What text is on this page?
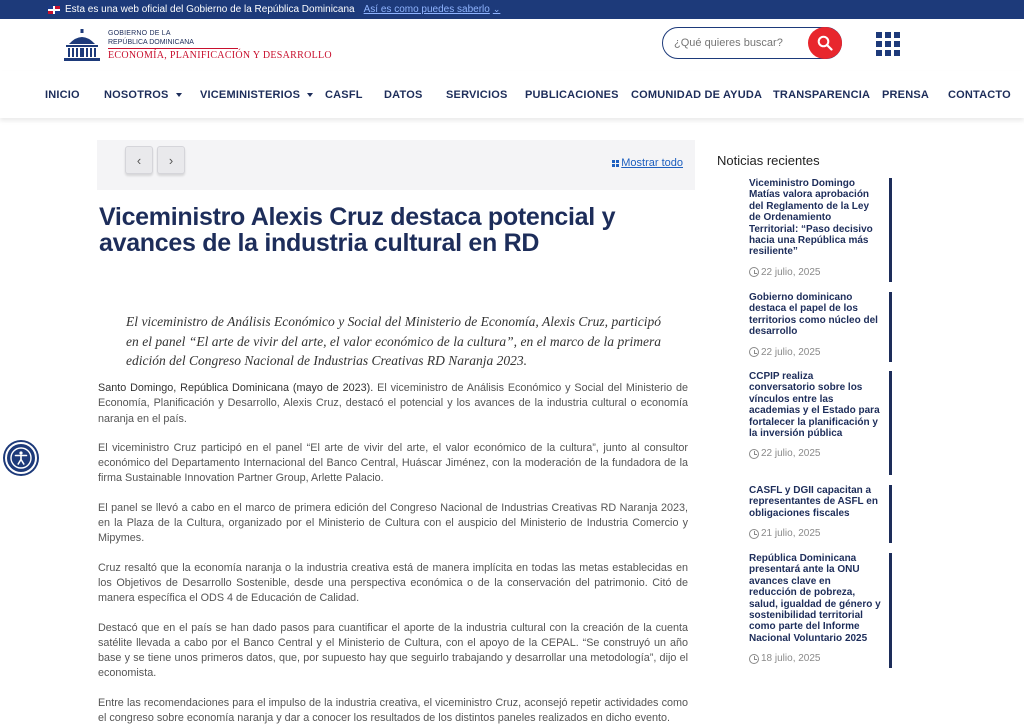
Esta es una web oficial del Gobierno de la República Dominicana Así es como puedes saberlo ⌄
GOBIERNO DE LA
REPÚBLICA DOMINICANA
ECONOMÍA, PLANIFICACIÓN Y DESARROLLO
¿Qué quieres buscar?
INICIO NOSOTROS	VICEMINISTERIOS CASFL DATOS SERVICIOS PUBLICACIONES COMUNIDAD DE AYUDA TRANSPARENCIA PRENSA CONTACTO
‹ ›	Mostrar todo
Viceministro Alexis Cruz destaca potencial y avances de la industria cultural en RD
El viceministro de Análisis Económico y Social del Ministerio de Economía, Alexis Cruz, participó en el panel “El arte de vivir del arte, el valor económico de la cultura”, en el marco de la primera edición del Congreso Nacional de Industrias Creativas RD Naranja 2023.

Santo Domingo, República Dominicana (mayo de 2023). El viceministro de Análisis Económico y Social del Ministerio de Economía, Planificación y Desarrollo, Alexis Cruz, destacó el potencial y los avances de la industria cultural o economía naranja en el país.

El viceministro Cruz participó en el panel “El arte de vivir del arte, el valor económico de la cultura”, junto al consultor económico del Departamento Internacional del Banco Central, Huáscar Jiménez, con la moderación de la fundadora de la firma Sustainable Innovation Partner Group, Arlette Palacio.

El panel se llevó a cabo en el marco de primera edición del Congreso Nacional de Industrias Creativas RD Naranja 2023, en la Plaza de la Cultura, organizado por el Ministerio de Cultura con el auspicio del Ministerio de Industria Comercio y Mipymes.

Cruz resaltó que la economía naranja o la industria creativa está de manera implícita en todas las metas establecidas en los Objetivos de Desarrollo Sostenible, desde una perspectiva económica o de la conservación del patrimonio. Citó de manera específica el ODS 4 de Educación de Calidad.

Destacó que en el país se han dado pasos para cuantificar el aporte de la industria cultural con la creación de la cuenta satélite llevada a cabo por el Banco Central y el Ministerio de Cultura, con el apoyo de la CEPAL. “Se construyó un año base y se tiene unos primeros datos, que, por supuesto hay que seguirlo trabajando y desarrollar una metodología”, dijo el economista.

Entre las recomendaciones para el impulso de la industria creativa, el viceministro Cruz, aconsejó repetir actividades como el congreso sobre economía naranja y dar a conocer los resultados de los distintos paneles realizados en dicho evento.

Noticias recientes
Viceministro Domingo Matías valora aprobación del Reglamento de la Ley de Ordenamiento Territorial: “Paso decisivo hacia una República más resiliente”
22 julio, 2025
Gobierno dominicano destaca el papel de los territorios como núcleo del desarrollo
22 julio, 2025
CCPIP realiza conversatorio sobre los vínculos entre las academias y el Estado para fortalecer la planificación y la inversión pública
22 julio, 2025
CASFL y DGII capacitan a representantes de ASFL en obligaciones fiscales
21 julio, 2025
República Dominicana presentará ante la ONU avances clave en reducción de pobreza, salud, igualdad de género y sostenibilidad territorial como parte del Informe Nacional Voluntario 2025
18 julio, 2025
